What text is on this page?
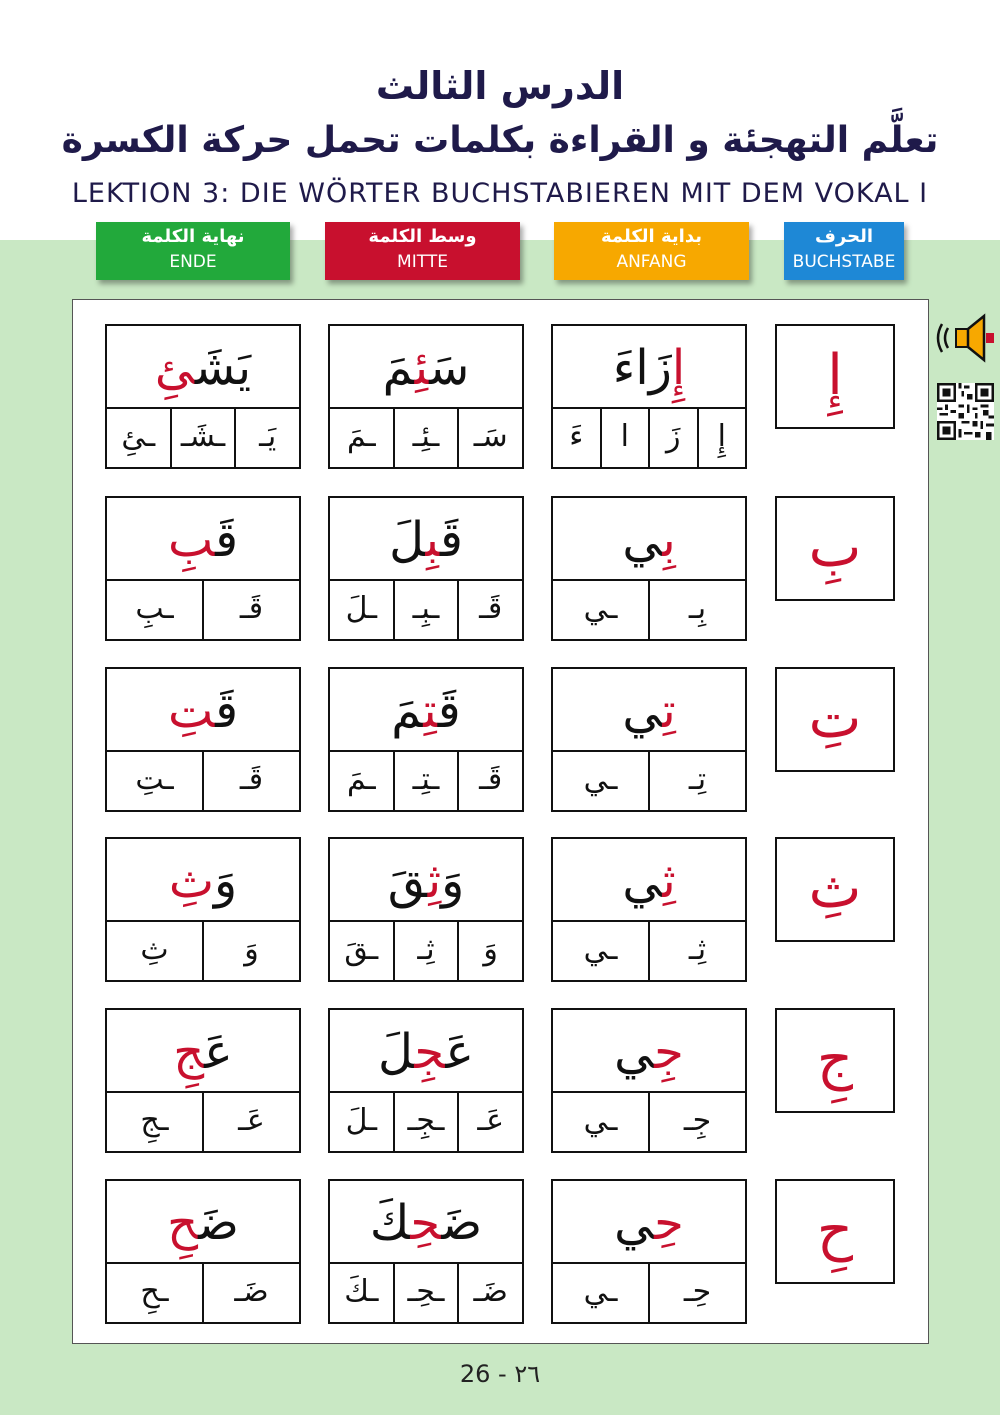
الدرس الثالث
تعلَّم التهجئة و القراءة بكلمات تحمل حركة الكسرة
LEKTION 3: DIE WÖRTER BUCHSTABIEREN MIT DEM VOKAL I
نهاية الكلمة
ENDE
وسط الكلمة
MITTE
بداية الكلمة
ANFANG
الحرف
BUCHSTABE
يَشَئِ
يَـ
ـشَـ
ـئِ
سَئِمَ
سَـ
ـئِـ
ـمَ
إِزَاءَ
إِ
زَ
ا
ءَ
إِ
قَبِ
قَـ
ـبِ
قَبِلَ
قَـ
ـبِـ
ـلَ
بِي
بِـ
ـي
بِ
قَتِ
قَـ
ـتِ
قَتِمَ
قَـ
ـتِـ
ـمَ
تِي
تِـ
ـي
تِ
وَثِ
وَ
ثِ
وَثِقَ
وَ
ثِـ
ـقَ
ثِي
ثِـ
ـي
ثِ
عَجِ
عَـ
ـجِ
عَجِلَ
عَـ
ـجِـ
ـلَ
جِي
جِـ
ـي
جِ
ضَحِ
ضَـ
ـحِ
ضَحِكَ
ضَـ
ـحِـ
ـكَ
حِي
حِـ
ـي
حِ
26 - ٢٦
